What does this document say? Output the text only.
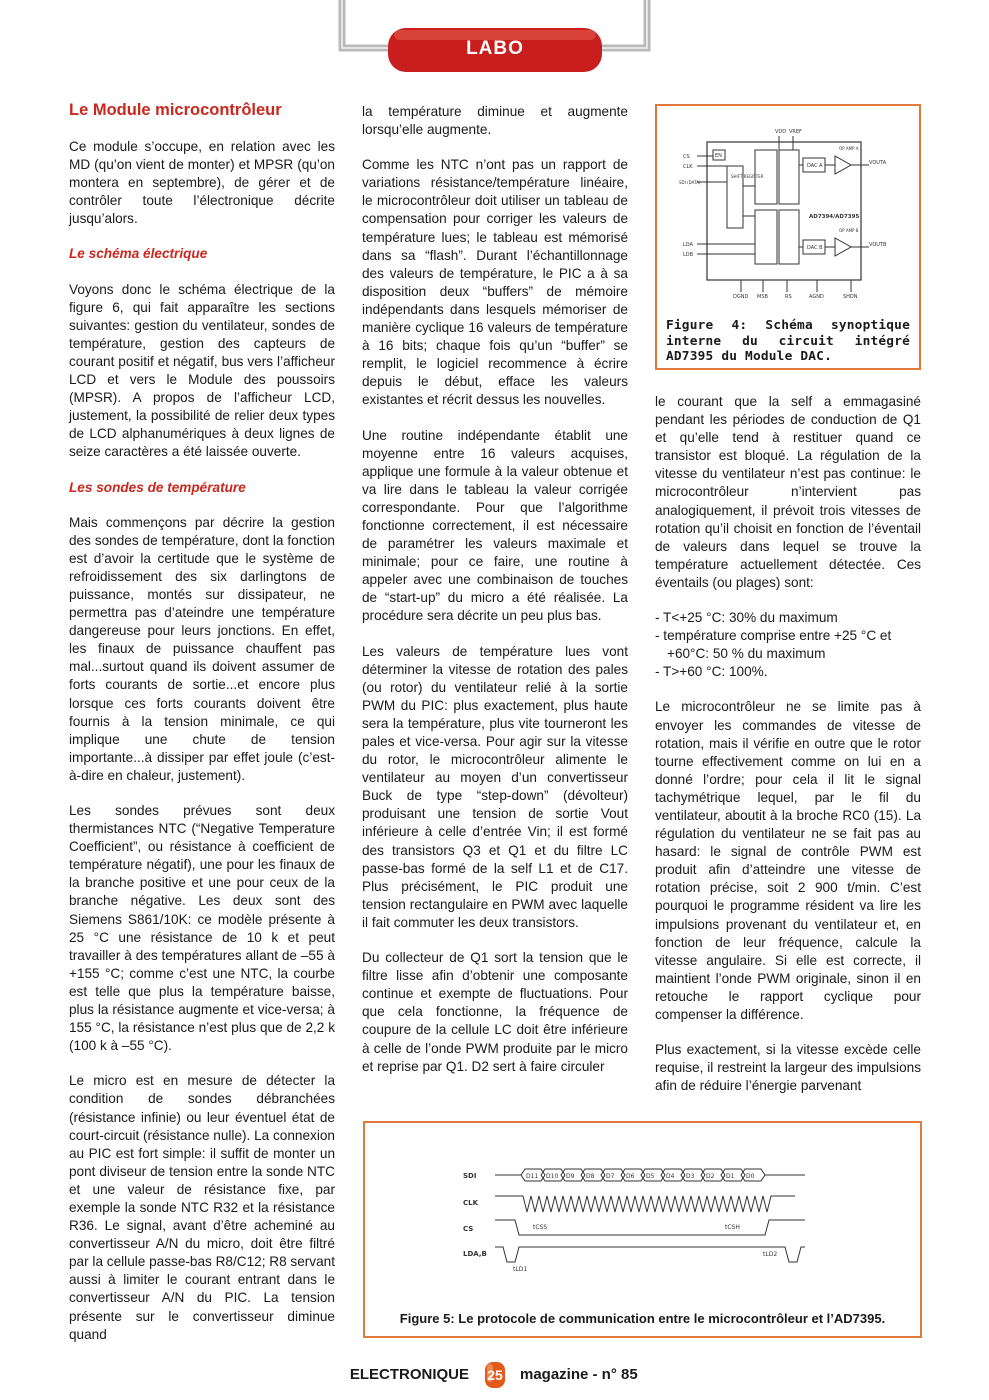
LABO
Le Module microcontrôleur

Ce module s’occupe, en relation avec les MD (qu’on vient de monter) et MPSR (qu’on montera en septembre), de gérer et de contrôler toute l’électronique décrite jusqu’alors.

Le schéma électrique

Voyons donc le schéma électrique de la figure 6, qui fait apparaître les sections suivantes: gestion du ventilateur, sondes de température, gestion des capteurs de courant positif et négatif, bus vers l’afficheur LCD et vers le Module des poussoirs (MPSR). A propos de l’afficheur LCD, justement, la possibilité de relier deux types de LCD alphanumériques à deux lignes de seize caractères a été laissée ouverte.

Les sondes de température

Mais commençons par décrire la gestion des sondes de température, dont la fonction est d’avoir la certitude que le système de refroidissement des six darlingtons de puissance, montés sur dissipateur, ne permettra pas d’ateindre une température dangereuse pour leurs jonctions. En effet, les finaux de puissance chauffent pas mal...surtout quand ils doivent assumer de forts courants de sortie...et encore plus lorsque ces forts courants doivent être fournis à la tension minimale, ce qui implique une chute de tension importante...à dissiper par effet joule (c’est-à-dire en chaleur, justement).

Les sondes prévues sont deux thermistances NTC (“Negative Temperature Coefficient”, ou résistance à coefficient de température négatif), une pour les finaux de la branche positive et une pour ceux de la branche négative. Les deux sont des Siemens S861/10K: ce modèle présente à 25 °C une résistance de 10 k et peut travailler à des températures allant de –55 à +155 °C; comme c’est une NTC, la courbe est telle que plus la température baisse, plus la résistance augmente et vice-versa; à 155 °C, la résistance n’est plus que de 2,2 k (100 k à –55 °C).

Le micro est en mesure de détecter la condition de sondes débranchées (résistance infinie) ou leur éventuel état de court-circuit (résistance nulle). La connexion au PIC est fort simple: il suffit de monter un pont diviseur de tension entre la sonde NTC et une valeur de résistance fixe, par exemple la sonde NTC R32 et la résistance R36. Le signal, avant d’être acheminé au convertisseur A/N du micro, doit être filtré par la cellule passe-bas R8/C12; R8 servant aussi à limiter le courant entrant dans le convertisseur A/N du PIC. La tension présente sur le convertisseur diminue quand

la température diminue et augmente lorsqu’elle augmente.

Comme les NTC n’ont pas un rapport de variations résistance/température linéaire, le microcontrôleur doit utiliser un tableau de compensation pour corriger les valeurs de température lues; le tableau est mémorisé dans sa “flash”. Durant l’échantillonnage des valeurs de température, le PIC a à sa disposition deux “buffers” de mémoire indépendants dans lesquels mémoriser de manière cyclique 16 valeurs de température à 16 bits; chaque fois qu’un “buffer” se remplit, le logiciel recommence à écrire depuis le début, efface les valeurs existantes et récrit dessus les nouvelles.

Une routine indépendante établit une moyenne entre 16 valeurs acquises, applique une formule à la valeur obtenue et va lire dans le tableau la valeur corrigée correspondante. Pour que l’algorithme fonctionne correctement, il est nécessaire de paramétrer les valeurs maximale et minimale; pour ce faire, une routine à appeler avec une combinaison de touches de “start-up” du micro a été réalisée. La procédure sera décrite un peu plus bas.

Les valeurs de température lues vont déterminer la vitesse de rotation des pales (ou rotor) du ventilateur relié à la sortie PWM du PIC: plus exactement, plus haute sera la température, plus vite tourneront les pales et vice-versa. Pour agir sur la vitesse du rotor, le microcontrôleur alimente le ventilateur au moyen d’un convertisseur Buck de type “step-down” (dévolteur) produisant une tension de sortie Vout inférieure à celle d’entrée Vin; il est formé des transistors Q3 et Q1 et du filtre LC passe-bas formé de la self L1 et de C17. Plus précisément, le PIC produit une tension rectangulaire en PWM avec laquelle il fait commuter les deux transistors.

Du collecteur de Q1 sort la tension que le filtre lisse afin d’obtenir une composante continue et exempte de fluctuations. Pour que cela fonctionne, la fréquence de coupure de la cellule LC doit être inférieure à celle de l’onde PWM produite par le micro et reprise par Q1. D2 sert à faire circuler

VDD VREF
EN
SHIFT REGISTER
DAC A
DAC B
OP AMP A
OP AMP B
VOUTA
VOUTB
AD7394/AD7395
CS
CLK
SDI (DATA)
LDA
LDB
DGND MSB	RS	AGND	SHDN
Figure 4: Schéma synoptique interne du circuit intégré AD7395 du Module DAC.

le courant que la self a emmagasiné pendant les périodes de conduction de Q1 et qu’elle tend à restituer quand ce transistor est bloqué. La régulation de la vitesse du ventilateur n’est pas continue: le microcontrôleur n’intervient pas analogiquement, il prévoit trois vitesses de rotation qu’il choisit en fonction de l’éventail de valeurs dans lequel se trouve la température actuellement détectée. Ces éventails (ou plages) sont:

- T<+25 °C: 30% du maximum
- température comprise entre +25 °C et +60°C: 50 % du maximum
- T>+60 °C: 100%.

Le microcontrôleur ne se limite pas à envoyer les commandes de vitesse de rotation, mais il vérifie en outre que le rotor tourne effectivement comme on lui en a donné l’ordre; pour cela il lit le signal tachymétrique lequel, par le fil du ventilateur, aboutit à la broche RC0 (15). La régulation du ventilateur ne se fait pas au hasard: le signal de contrôle PWM est produit afin d’atteindre une vitesse de rotation précise, soit 2 900 t/min. C’est pourquoi le programme résident va lire les impulsions provenant du ventilateur et, en fonction de leur fréquence, calcule la vitesse angulaire. Si elle est correcte, il maintient l’onde PWM originale, sinon il en retouche le rapport cyclique pour compenser la différence.

Plus exactement, si la vitesse excède celle requise, il restreint la largeur des impulsions afin de réduire l’énergie parvenant

SDI
CLK
CS
LDA,B
D11 D10 D9 D8 D7 D6 D5 D4 D3 D2 D1 D0
tCSS	tCSH
tLD1
tLD2
Figure 5: Le protocole de communication entre le microcontrôleur et l’AD7395.
ELECTRONIQUE	25	magazine - n° 85
